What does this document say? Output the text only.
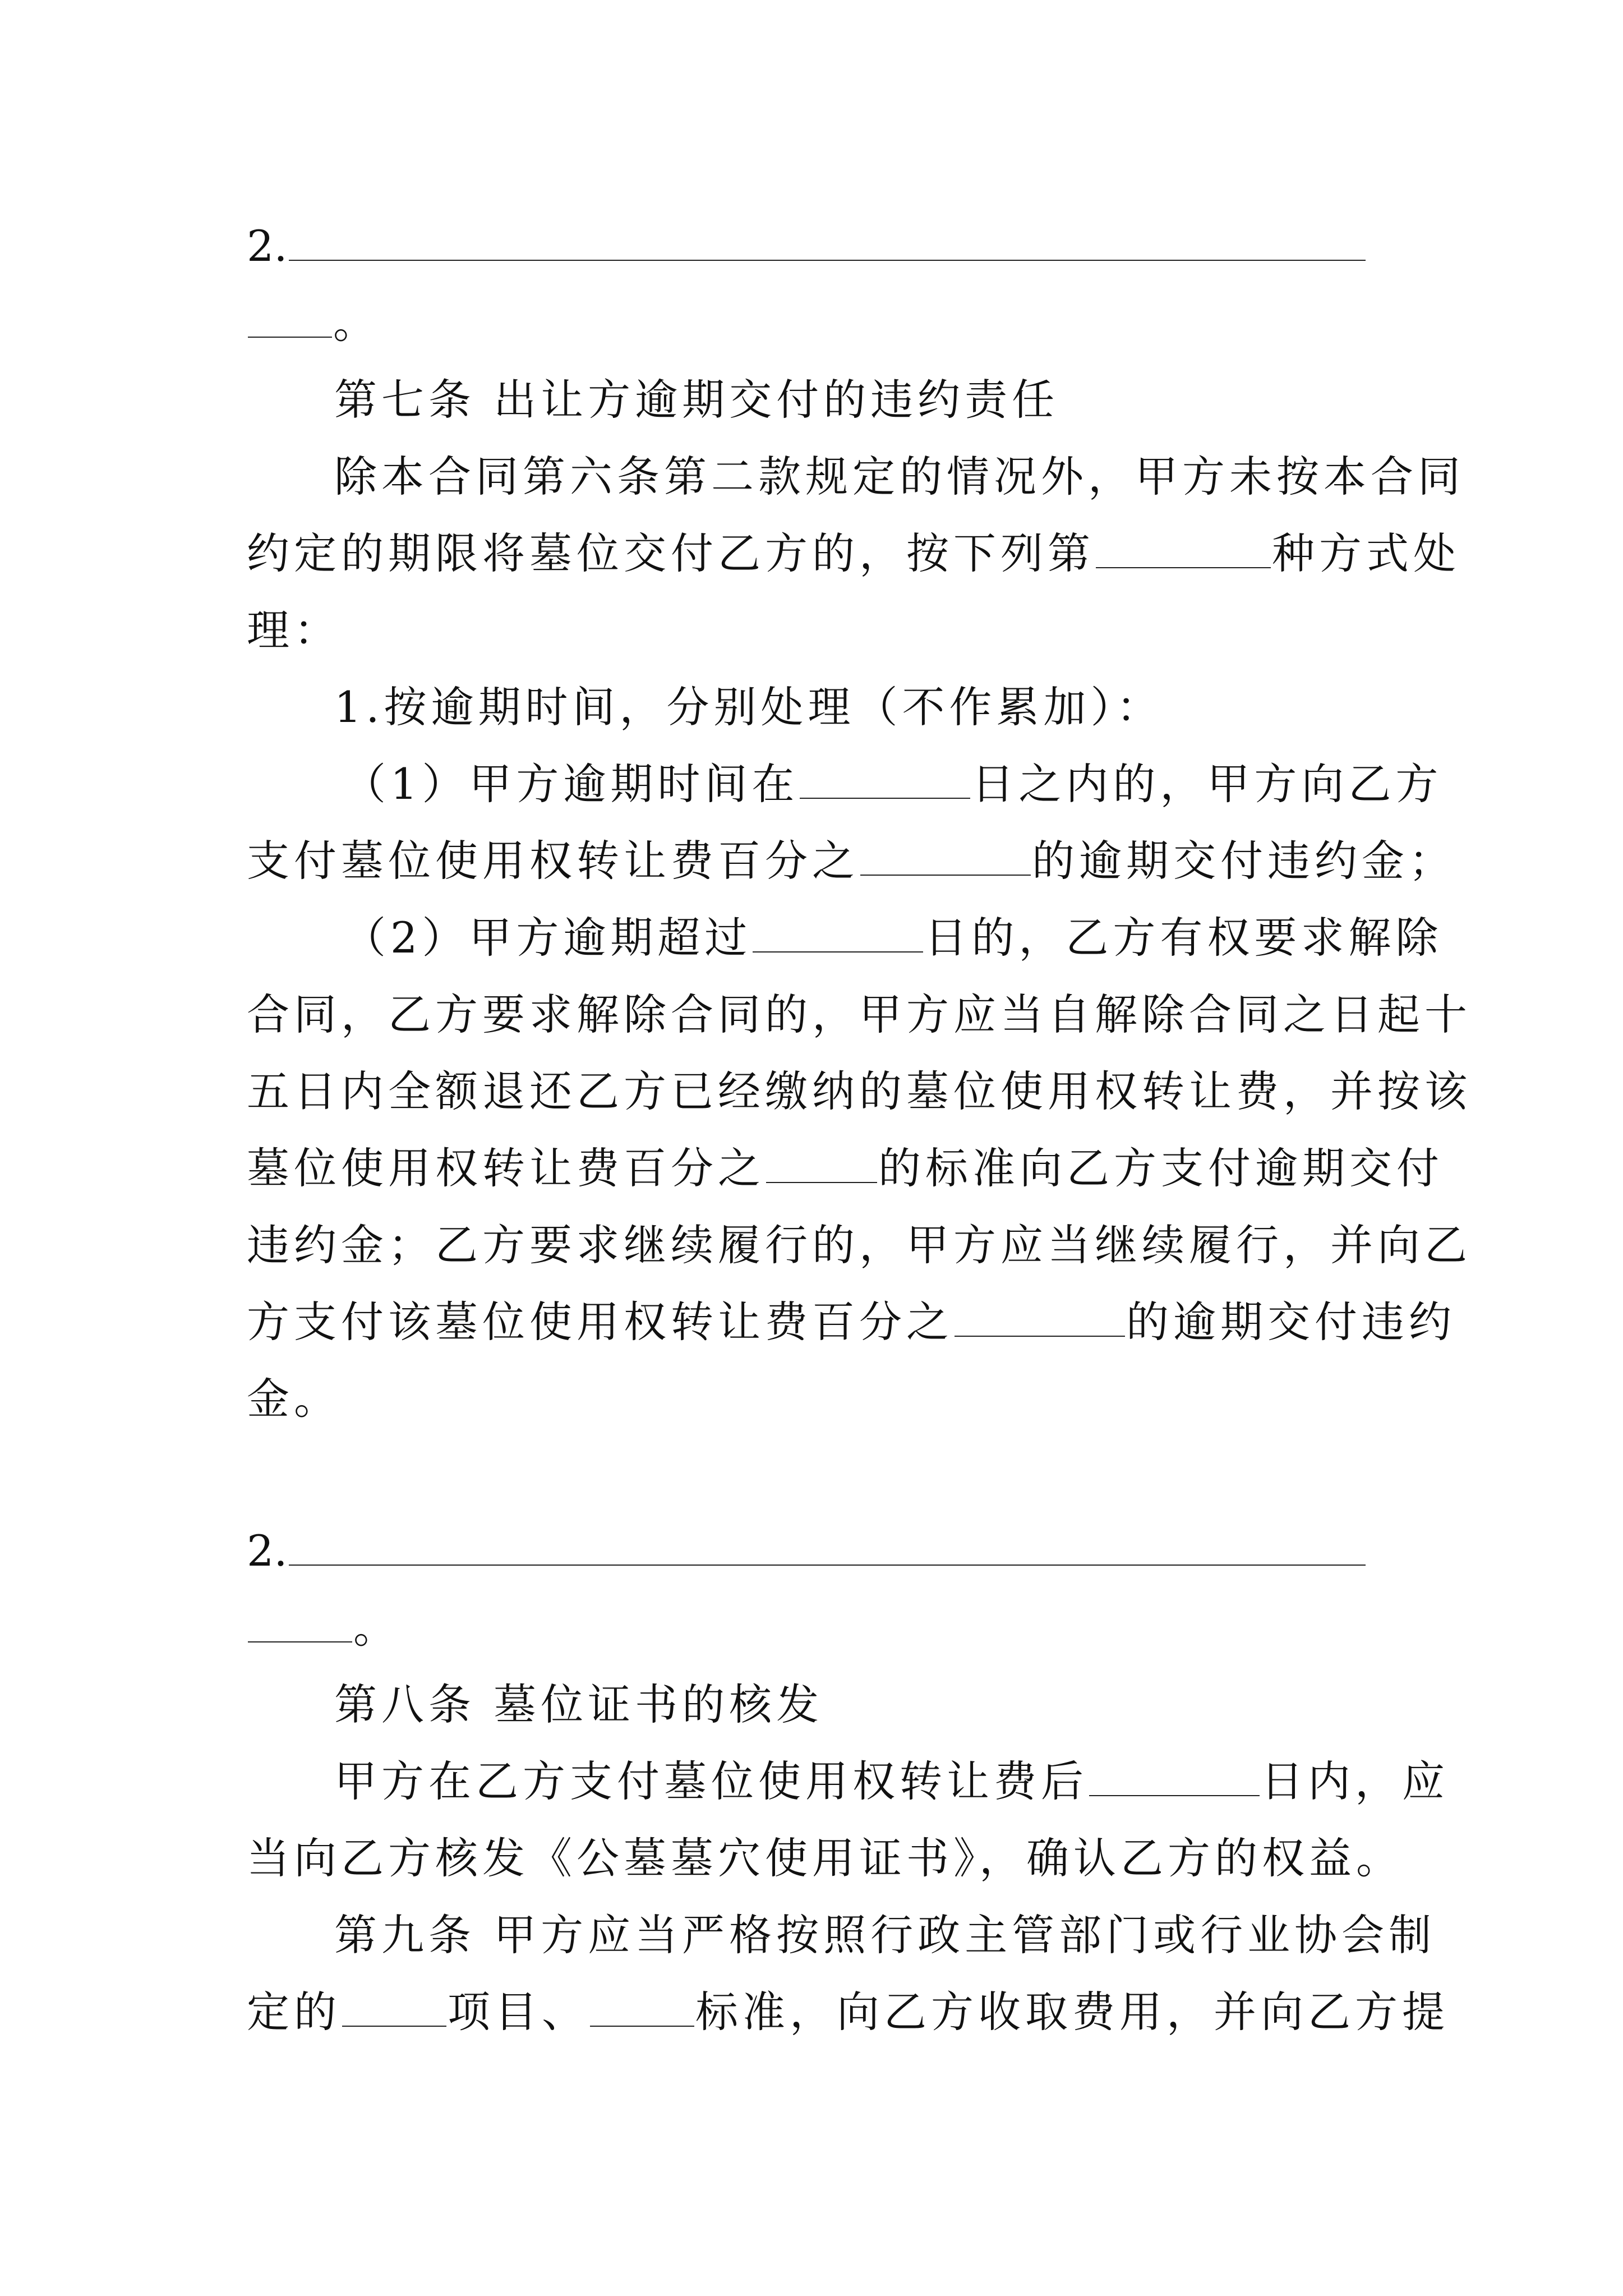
2.
。
第七条 出让方逾期交付的违约责任
除本合同第六条第二款规定的情况外，甲方未按本合同
约定的期限将墓位交付乙方的，按下列第	种方式处
理：
1.按逾期时间，分别处理（不作累加）：
（1）甲方逾期时间在	日之内的，甲方向乙方
支付墓位使用权转让费百分之	的逾期交付违约金；
（2）甲方逾期超过	日的，乙方有权要求解除
合同，乙方要求解除合同的，甲方应当自解除合同之日起十
五日内全额退还乙方已经缴纳的墓位使用权转让费，并按该
墓位使用权转让费百分之	的标准向乙方支付逾期交付
违约金；乙方要求继续履行的，甲方应当继续履行，并向乙
方支付该墓位使用权转让费百分之	的逾期交付违约
金。
2.
。
第八条 墓位证书的核发
甲方在乙方支付墓位使用权转让费后	日内，应
当向乙方核发《公墓墓穴使用证书》，确认乙方的权益。
第九条 甲方应当严格按照行政主管部门或行业协会制
定的	项目、	标准，向乙方收取费用，并向乙方提
